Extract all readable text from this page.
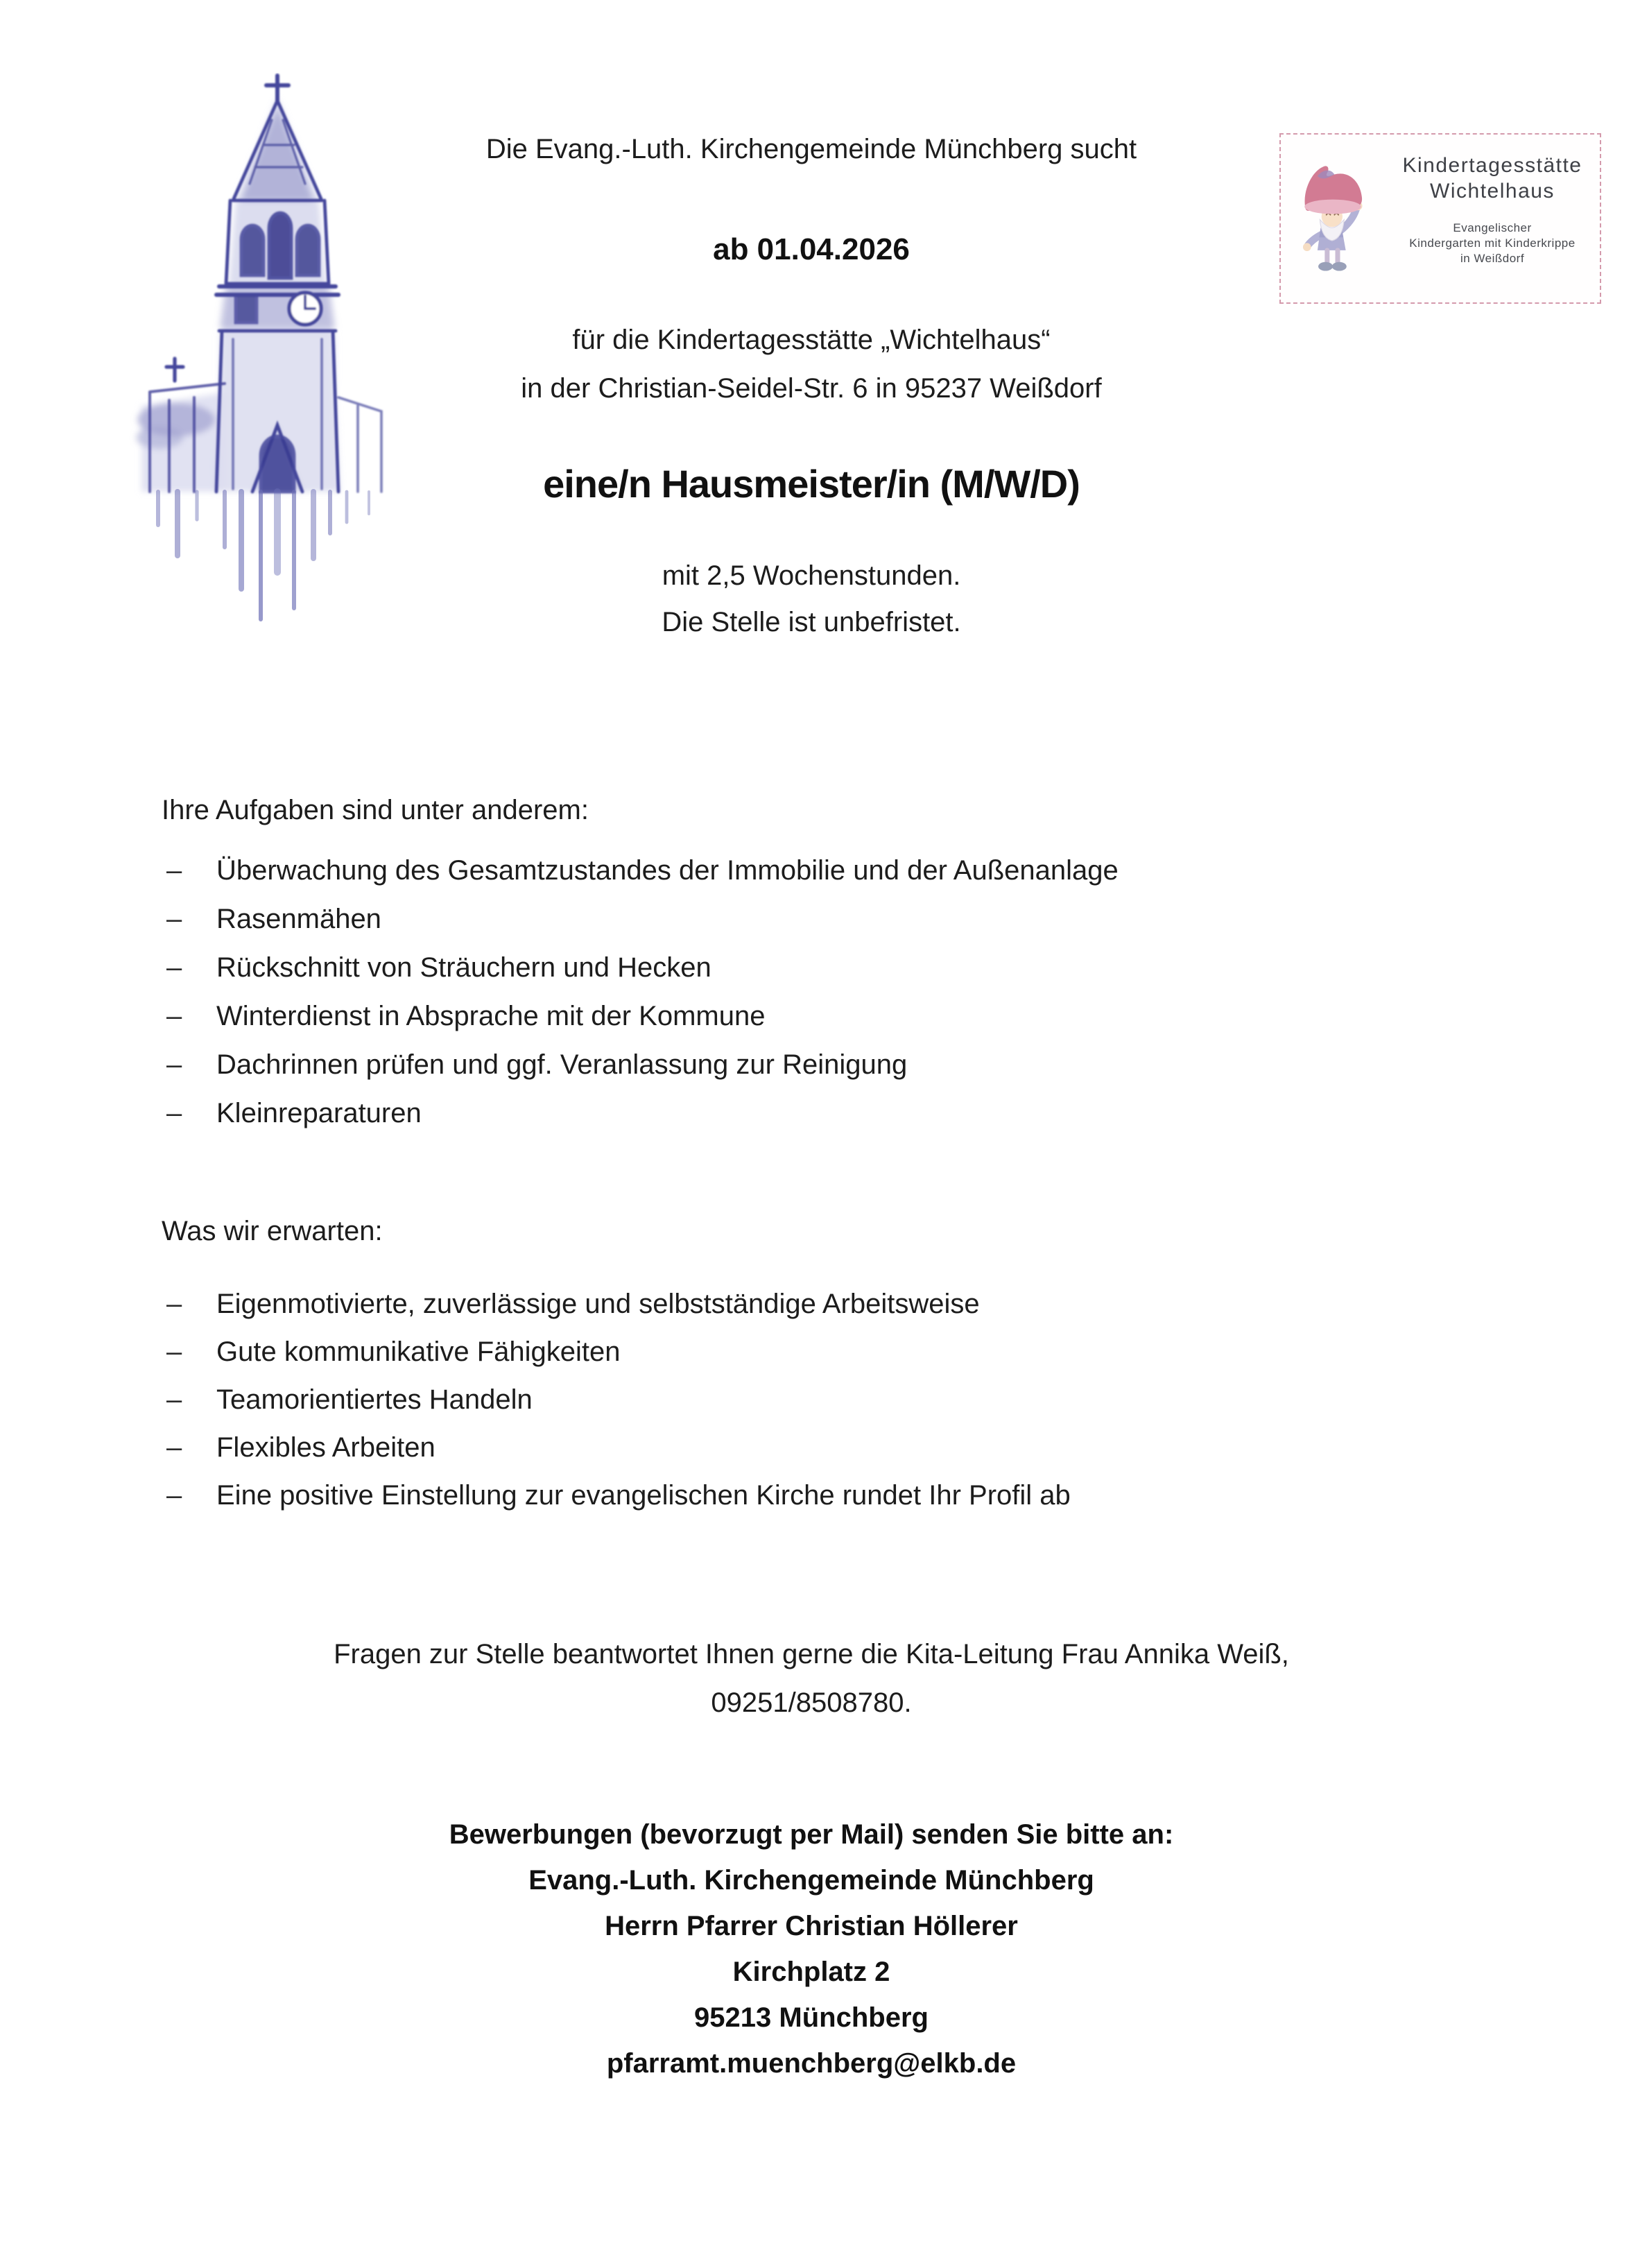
Kindertagesstätte
Wichtelhaus
Evangelischer
Kindergarten mit Kinderkrippe
in Weißdorf
Die Evang.-Luth. Kirchengemeinde Münchberg sucht
ab 01.04.2026
für die Kindertagesstätte „Wichtelhaus“
in der Christian-Seidel-Str. 6 in 95237 Weißdorf
eine/n Hausmeister/in (M/W/D)
mit 2,5 Wochenstunden.
Die Stelle ist unbefristet.
Ihre Aufgaben sind unter anderem:
–	Überwachung des Gesamtzustandes der Immobilie und der Außenanlage
–	Rasenmähen
–	Rückschnitt von Sträuchern und Hecken
–	Winterdienst in Absprache mit der Kommune
–	Dachrinnen prüfen und ggf. Veranlassung zur Reinigung
–	Kleinreparaturen
Was wir erwarten:
–	Eigenmotivierte, zuverlässige und selbstständige Arbeitsweise
–	Gute kommunikative Fähigkeiten
–	Teamorientiertes Handeln
–	Flexibles Arbeiten
–	Eine positive Einstellung zur evangelischen Kirche rundet Ihr Profil ab
Fragen zur Stelle beantwortet Ihnen gerne die Kita-Leitung Frau Annika Weiß,
09251/8508780.
Bewerbungen (bevorzugt per Mail) senden Sie bitte an:
Evang.-Luth. Kirchengemeinde Münchberg
Herrn Pfarrer Christian Höllerer
Kirchplatz 2
95213 Münchberg
pfarramt.muenchberg@elkb.de
